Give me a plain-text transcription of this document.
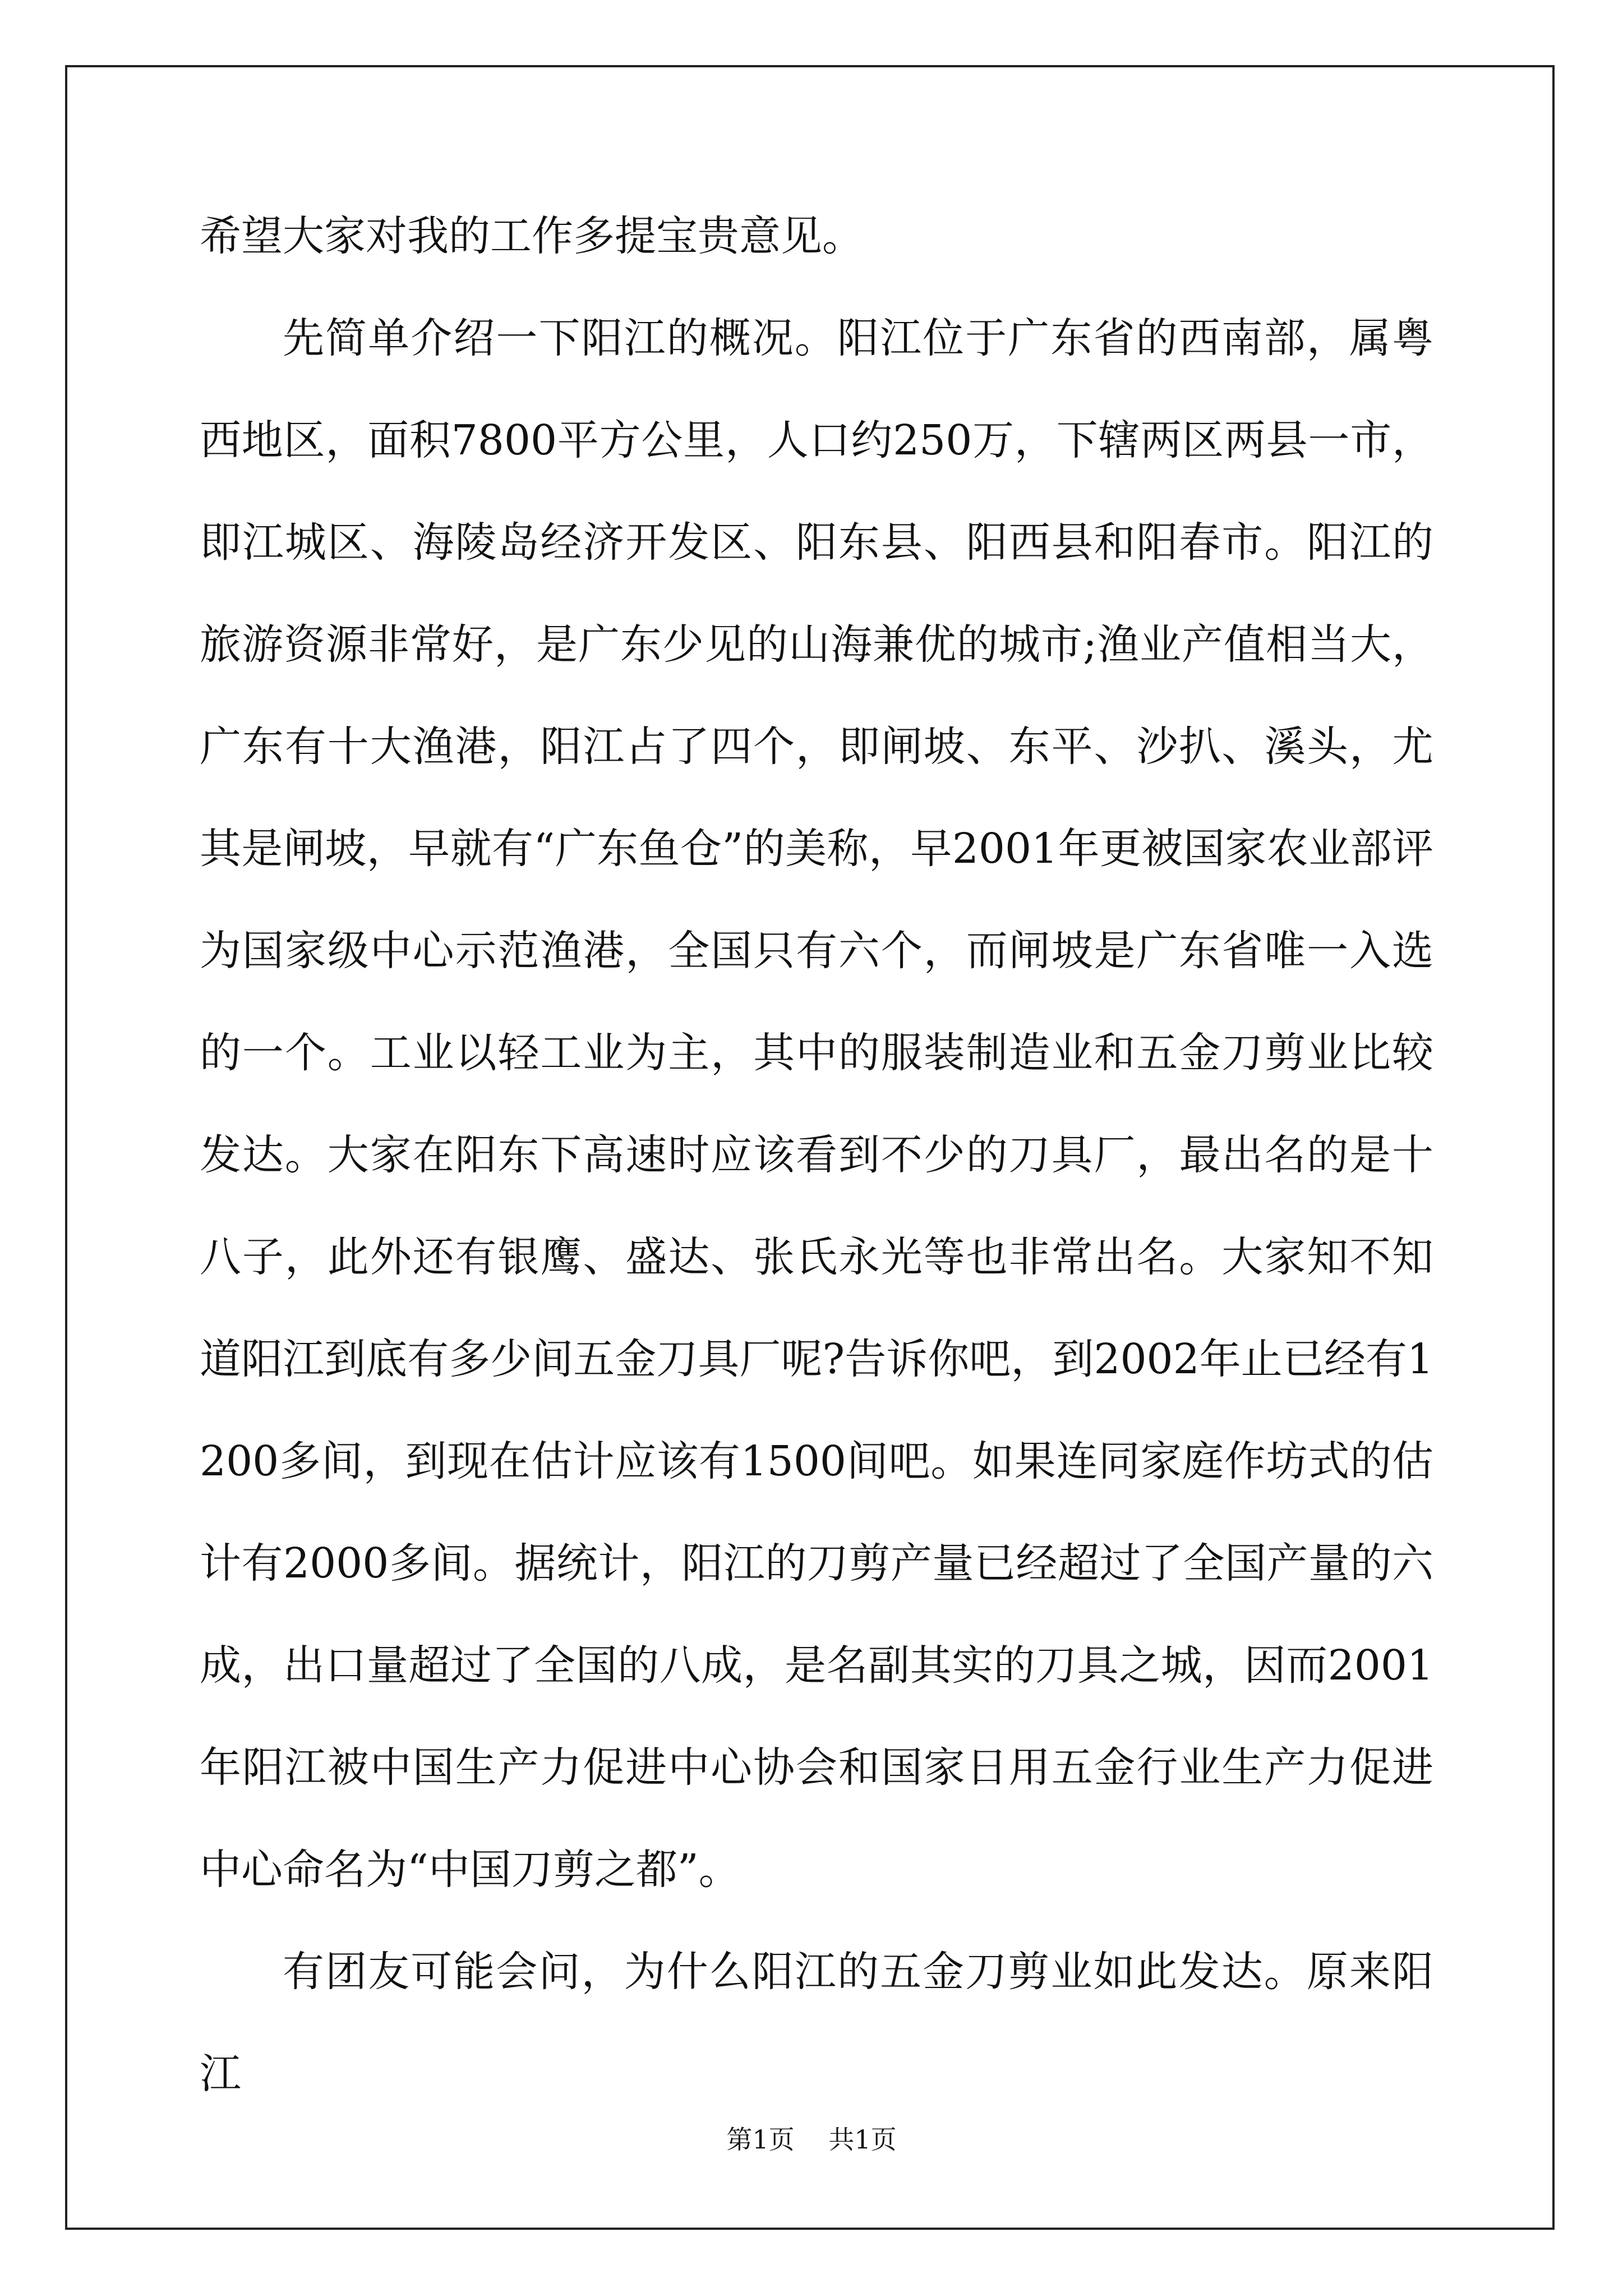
希望大家对我的工作多提宝贵意见。

先简单介绍一下阳江的概况。阳江位于广东省的西南部，属粤西地区，面积7800平方公里，人口约250万，下辖两区两县一市，即江城区、海陵岛经济开发区、阳东县、阳西县和阳春市。阳江的旅游资源非常好，是广东少见的山海兼优的城市;渔业产值相当大，广东有十大渔港，阳江占了四个，即闸坡、东平、沙扒、溪头，尤其是闸坡，早就有“广东鱼仓”的美称，早2001年更被国家农业部评为国家级中心示范渔港，全国只有六个，而闸坡是广东省唯一入选的一个。工业以轻工业为主，其中的服装制造业和五金刀剪业比较发达。大家在阳东下高速时应该看到不少的刀具厂，最出名的是十八子，此外还有银鹰、盛达、张氏永光等也非常出名。大家知不知道阳江到底有多少间五金刀具厂呢?告诉你吧，到2002年止已经有1200多间，到现在估计应该有1500间吧。如果连同家庭作坊式的估计有2000多间。据统计，阳江的刀剪产量已经超过了全国产量的六成，出口量超过了全国的八成，是名副其实的刀具之城，因而2001年阳江被中国生产力促进中心协会和国家日用五金行业生产力促进中心命名为“中国刀剪之都”。

有团友可能会问，为什么阳江的五金刀剪业如此发达。原来阳江

第1页 共1页
